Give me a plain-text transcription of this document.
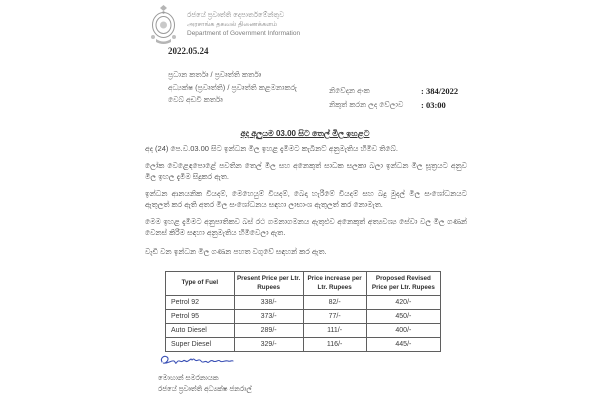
රජයේ ප්‍රවෘත්ති දෙපාර්තමේන්තුව
அரசாங்க தகவல் திணைக்களம்
Department of Government Information
2022.05.24
ප්‍රධාන කර්තෘ / ප්‍රවෘත්ති කර්තෘ
අධ්‍යක්ෂ (ප්‍රවෘත්ති) / ප්‍රවෘත්ති කළමනාකරු
වෙබ් අඩවි කර්තෘ
නිවේදන අංක	: 384/2022
නිකුත් කරන ලද වේලාව	: 03:00
අද අලුයම 03.00 සිට තෙල් මිල ඉහළට

අද (24) පෙ.ව.03.00 සිට ඉන්ධන මිල ඉහළ දැමීමට කැබිනට් අනුමැතිය හිමිව තිබේ.

ලෝක වෙළෙඳපොළේ පවතින තෙල් මිල සහ අනෙකුත් සාධක සලකා බලා ඉන්ධන මිල සූත්‍රයට අනුව මිල ඉහල දැමීම සිදුකර ඇත.

ඉන්ධන ආනයනික වියදම්, මෙහෙයුම් වියදම්, බෙදා හැරීමේ වියදම් සහ බදු මුදල් මිල සංශෝධනයට ඇතුලත් කර ඇති අතර මිල සංශෝධනය සඳහා ලාභාංශ ඇතුලත් කර නොමැත.

මෙම ඉහළ දැමීමට අනුපාතිකව බස් රථ ගමනාගමනය ඇතුළුව අනෙකුත් අත්‍යවශ්‍ය සේවා වල මිල ගණන් වෙනස් කිරීම සඳහා අනුමැතිය හිමිවෙලා ඇත.

වැඩි වන ඉන්ධන මිල ගණන පහත වගුවේ සඳහන් කර ඇත.

Type of Fuel	Present Price per Ltr. Rupees	Price increase per Ltr. Rupees	Proposed Revised Price per Ltr. Rupees
Petrol 92	338/-	82/-	420/-
Petrol 95	373/-	77/-	450/-
Auto Diesel	289/-	111/-	400/-
Super Diesel	329/-	116/-	445/-
මොහාන් සමරනායක
රජයේ ප්‍රවෘත්ති අධ්‍යක්ෂ ජනරාල්
